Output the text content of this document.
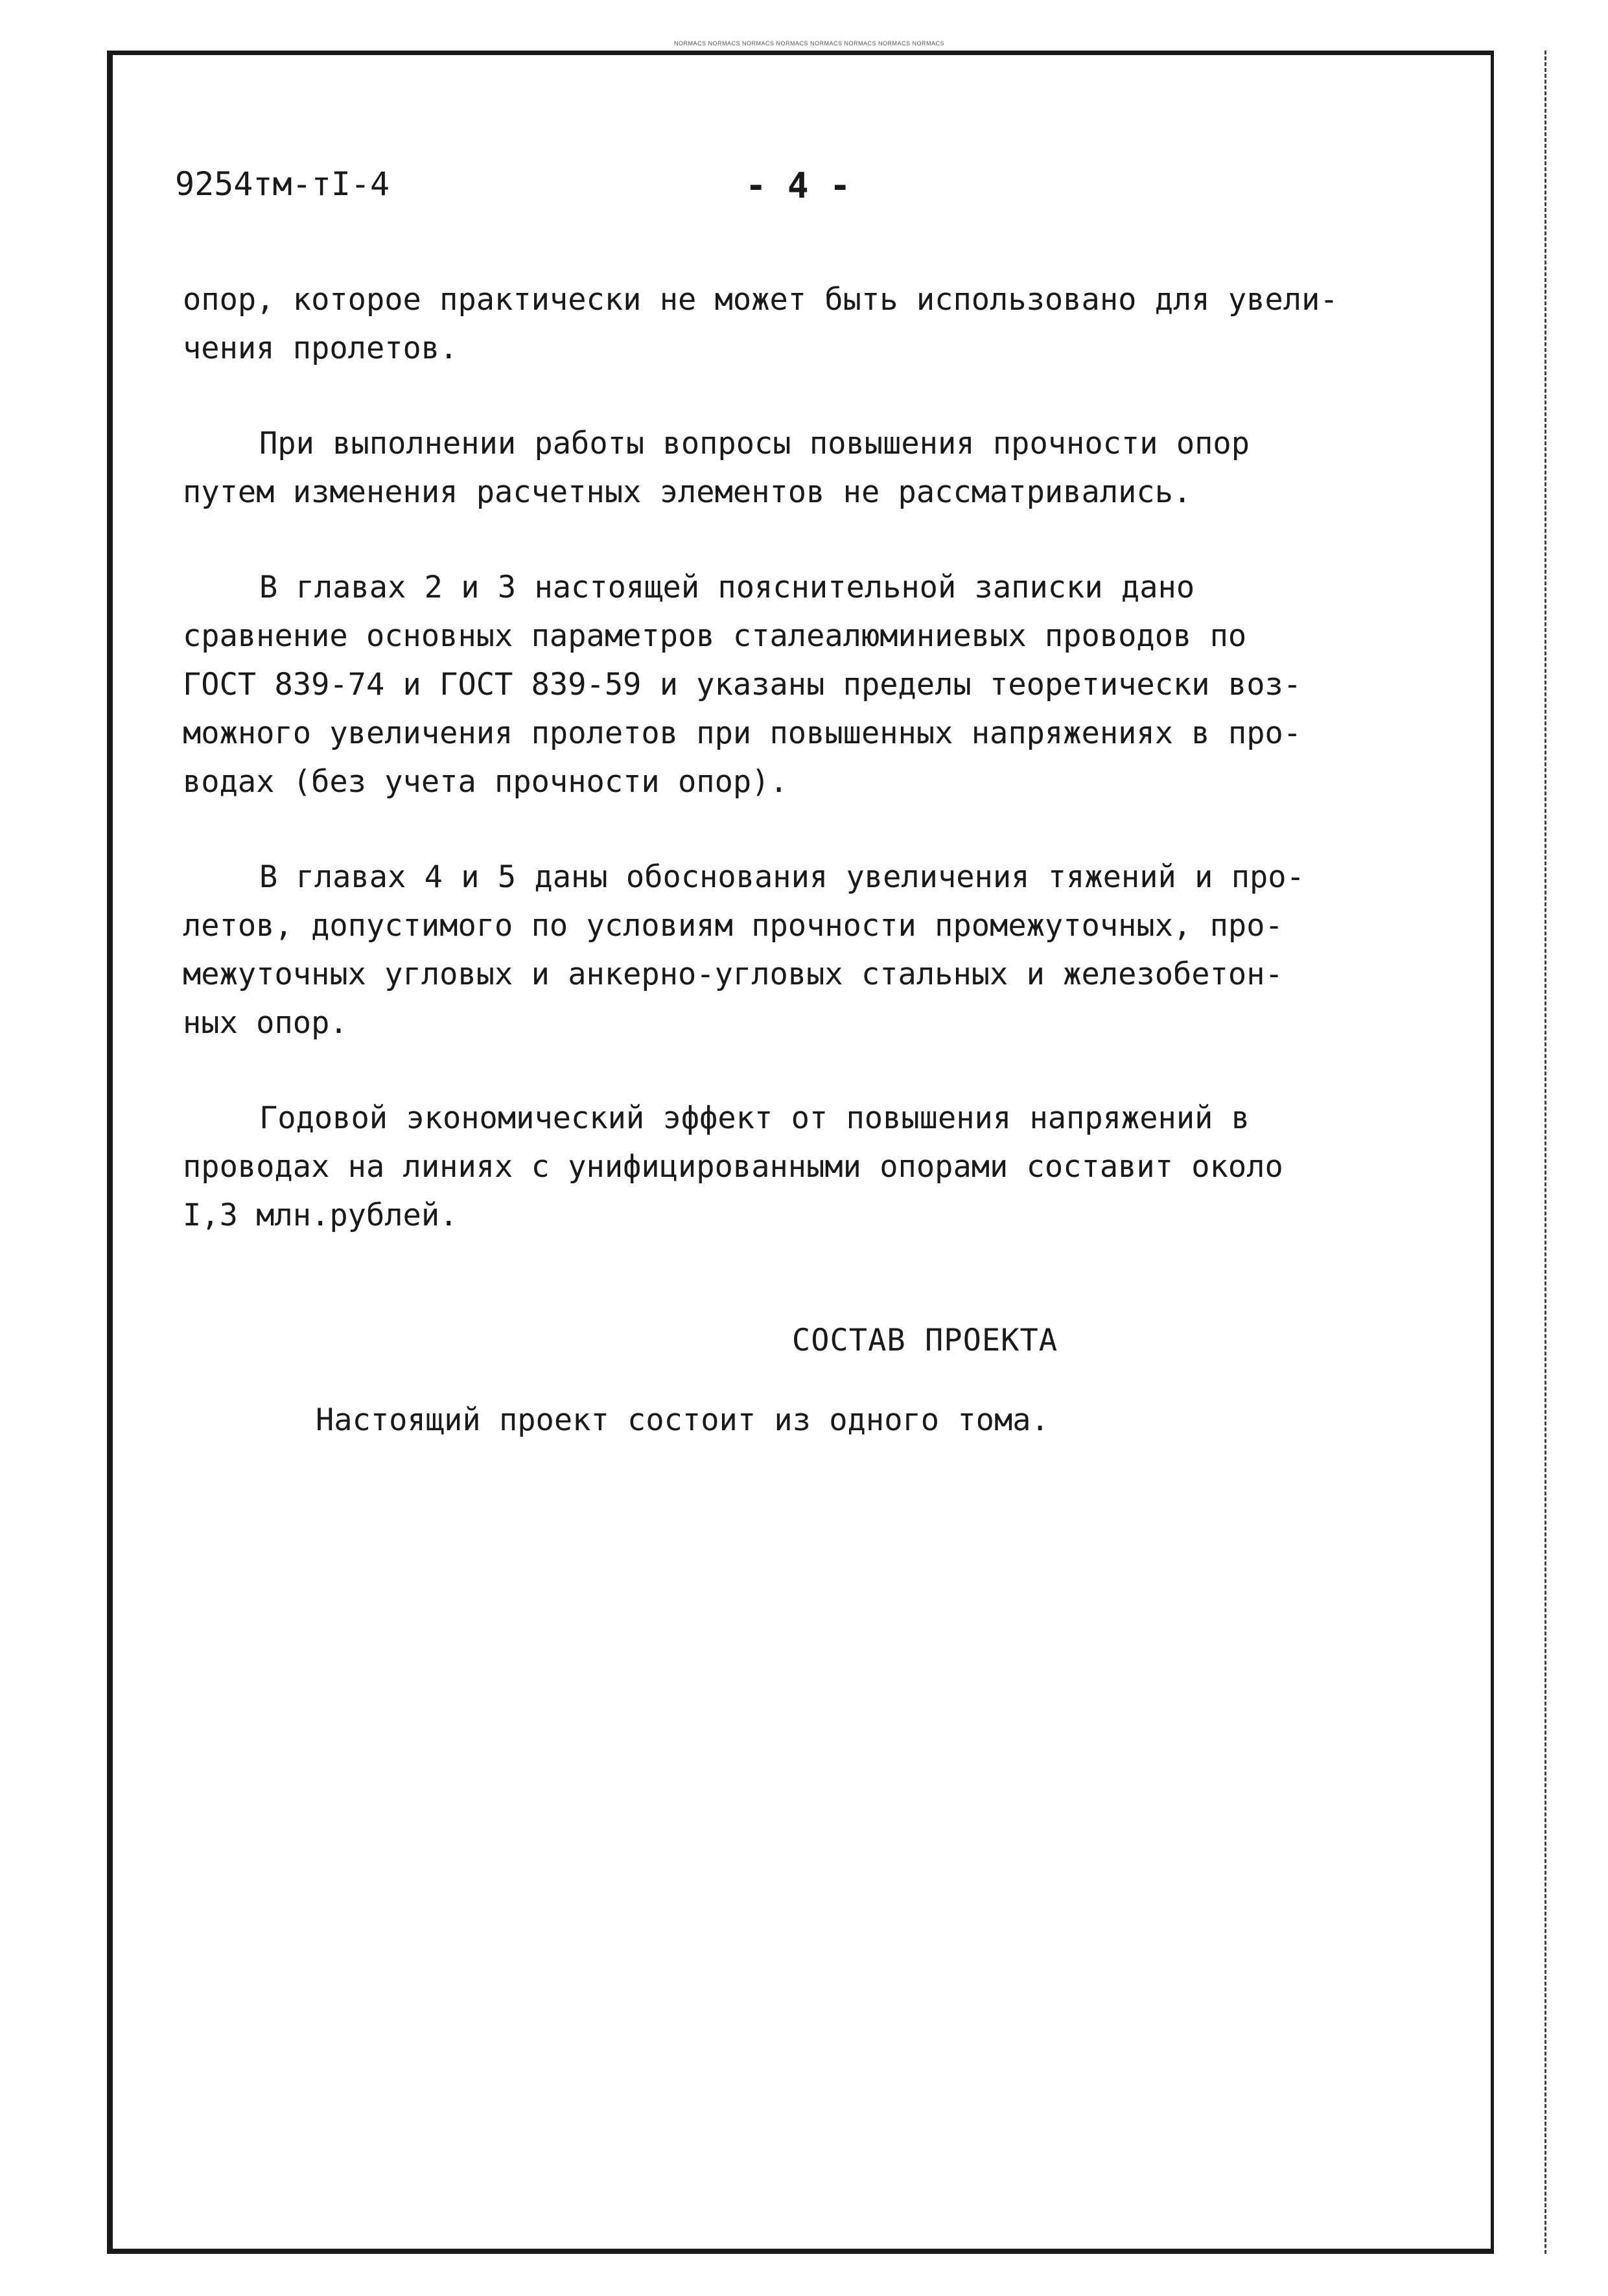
NORMACS NORMACS NORMACS NORMACS NORMACS NORMACS NORMACS NORMACS
9254тм-тI-4	- 4 -

опор, которое практически не может быть использовано для увели-
чения пролетов.

При выполнении работы вопросы повышения прочности опор
путем изменения расчетных элементов не рассматривались.

В главах 2 и 3 настоящей пояснительной записки дано
сравнение основных параметров сталеалюминиевых проводов по
ГОСТ 839-74 и ГОСТ 839-59 и указаны пределы теоретически воз-
можного увеличения пролетов при повышенных напряжениях в про-
водах (без учета прочности опор).

В главах 4 и 5 даны обоснования увеличения тяжений и про-
летов, допустимого по условиям прочности промежуточных, про-
межуточных угловых и анкерно-угловых стальных и железобетон-
ных опор.

Годовой экономический эффект от повышения напряжений в
проводах на линиях с унифицированными опорами составит около
I,3 млн.рублей.

СОСТАВ ПРОЕКТА

Настоящий проект состоит из одного тома.
